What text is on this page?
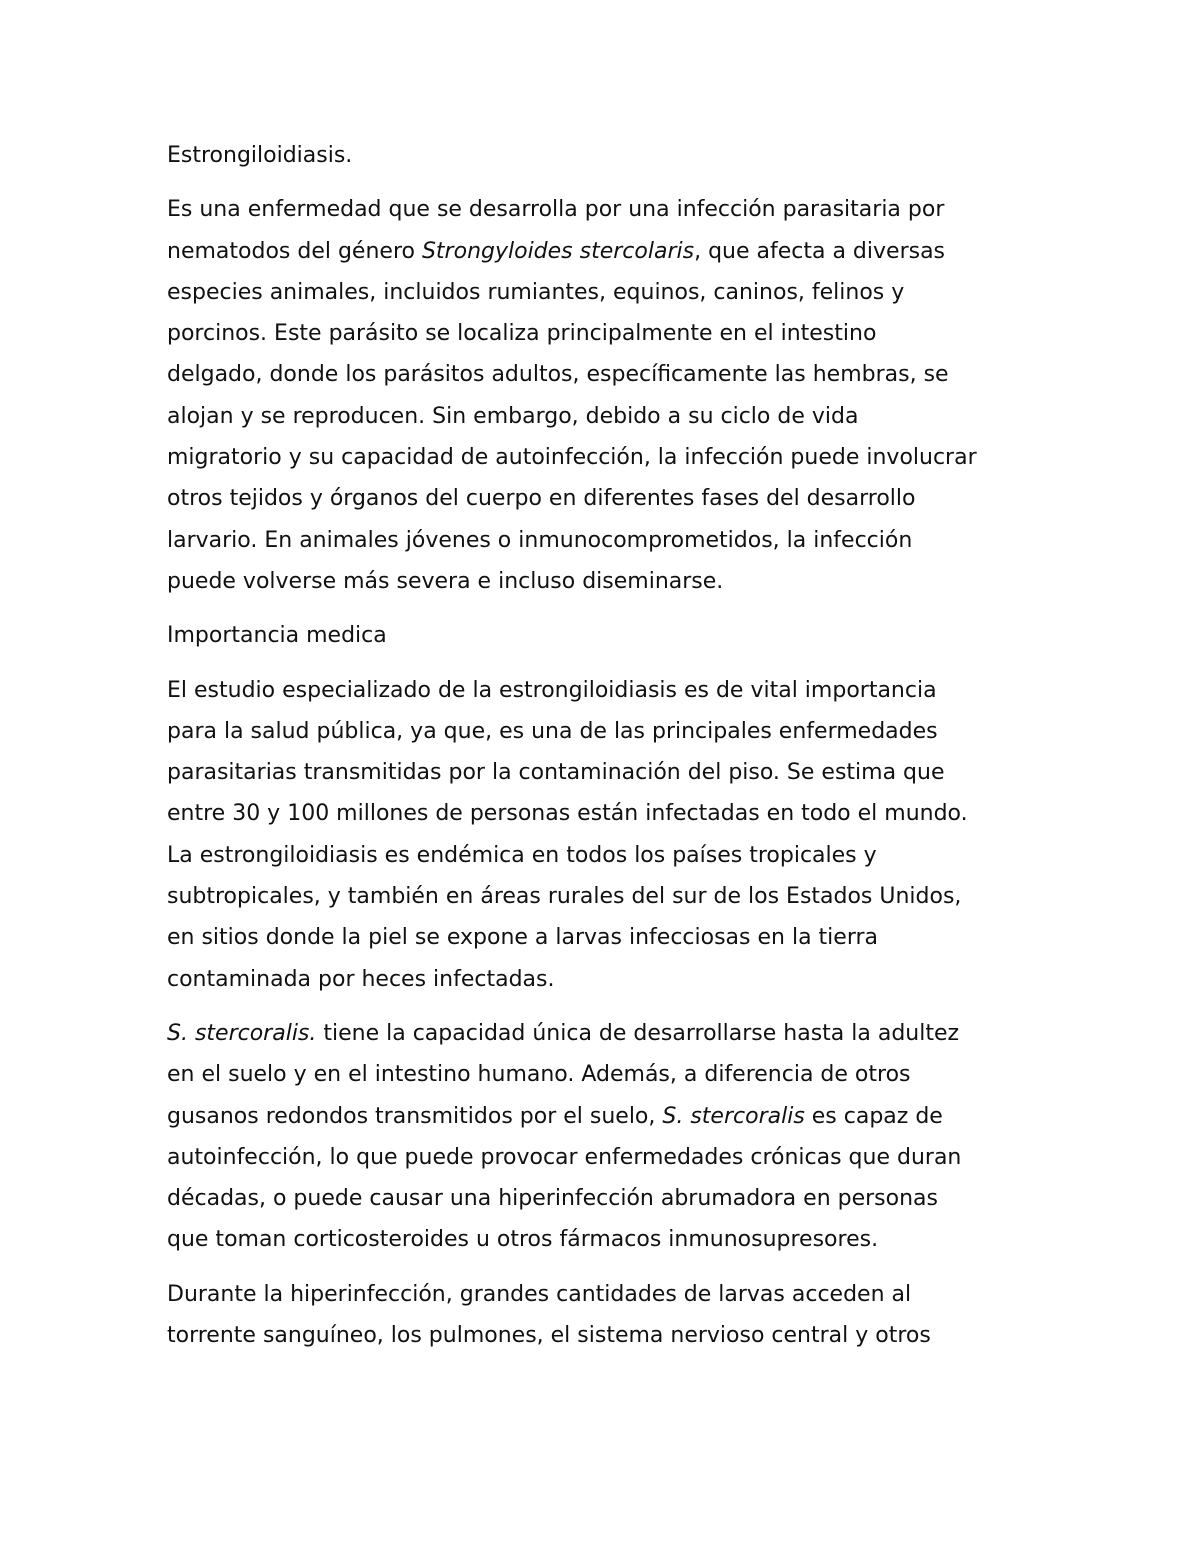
Estrongiloidiasis.
Es una enfermedad que se desarrolla por una infección parasitaria por
nematodos del género Strongyloides stercolaris, que afecta a diversas
especies animales, incluidos rumiantes, equinos, caninos, felinos y
porcinos. Este parásito se localiza principalmente en el intestino
delgado, donde los parásitos adultos, específicamente las hembras, se
alojan y se reproducen. Sin embargo, debido a su ciclo de vida
migratorio y su capacidad de autoinfección, la infección puede involucrar
otros tejidos y órganos del cuerpo en diferentes fases del desarrollo
larvario. En animales jóvenes o inmunocomprometidos, la infección
puede volverse más severa e incluso diseminarse.
Importancia medica
El estudio especializado de la estrongiloidiasis es de vital importancia
para la salud pública, ya que, es una de las principales enfermedades
parasitarias transmitidas por la contaminación del piso. Se estima que
entre 30 y 100 millones de personas están infectadas en todo el mundo.
La estrongiloidiasis es endémica en todos los países tropicales y
subtropicales, y también en áreas rurales del sur de los Estados Unidos,
en sitios donde la piel se expone a larvas infecciosas en la tierra
contaminada por heces infectadas.
S. stercoralis. tiene la capacidad única de desarrollarse hasta la adultez
en el suelo y en el intestino humano. Además, a diferencia de otros
gusanos redondos transmitidos por el suelo, S. stercoralis es capaz de
autoinfección, lo que puede provocar enfermedades crónicas que duran
décadas, o puede causar una hiperinfección abrumadora en personas
que toman corticosteroides u otros fármacos inmunosupresores.
Durante la hiperinfección, grandes cantidades de larvas acceden al
torrente sanguíneo, los pulmones, el sistema nervioso central y otros
